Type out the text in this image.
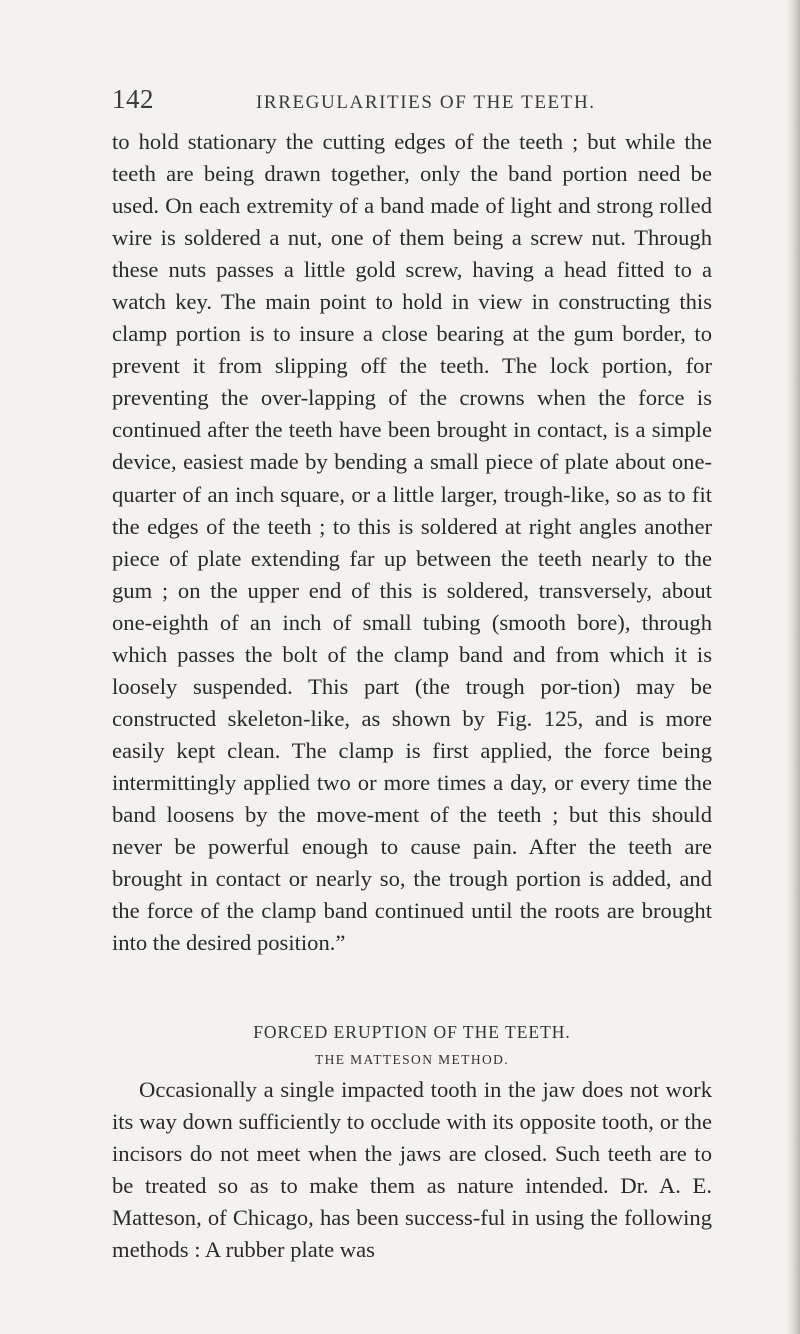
142	IRREGULARITIES OF THE TEETH.

to hold stationary the cutting edges of the teeth ; but while the teeth are being drawn together, only the band portion need be used. On each extremity of a band made of light and strong rolled wire is soldered a nut, one of them being a screw nut. Through these nuts passes a little gold screw, having a head fitted to a watch key. The main point to hold in view in constructing this clamp portion is to insure a close bearing at the gum border, to prevent it from slipping off the teeth. The lock portion, for preventing the over-lapping of the crowns when the force is continued after the teeth have been brought in contact, is a simple device, easiest made by bending a small piece of plate about one-quarter of an inch square, or a little larger, trough-like, so as to fit the edges of the teeth ; to this is soldered at right angles another piece of plate extending far up between the teeth nearly to the gum ; on the upper end of this is soldered, transversely, about one-eighth of an inch of small tubing (smooth bore), through which passes the bolt of the clamp band and from which it is loosely suspended. This part (the trough por-tion) may be constructed skeleton-like, as shown by Fig. 125, and is more easily kept clean. The clamp is first applied, the force being intermittingly applied two or more times a day, or every time the band loosens by the move-ment of the teeth ; but this should never be powerful enough to cause pain. After the teeth are brought in contact or nearly so, the trough portion is added, and the force of the clamp band continued until the roots are brought into the desired position.”

FORCED ERUPTION OF THE TEETH.
THE MATTESON METHOD.

Occasionally a single impacted tooth in the jaw does not work its way down sufficiently to occlude with its opposite tooth, or the incisors do not meet when the jaws are closed. Such teeth are to be treated so as to make them as nature intended. Dr. A. E. Matteson, of Chicago, has been success-ful in using the following methods : A rubber plate was
